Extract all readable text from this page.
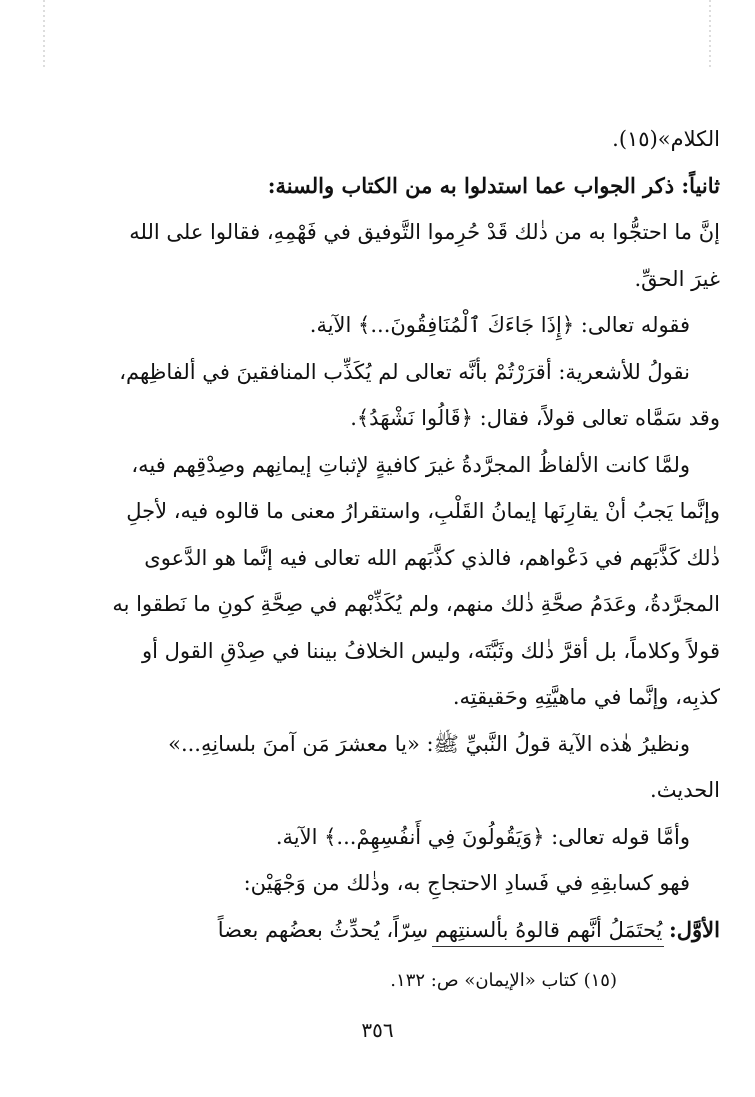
الكلام»(١٥).

ثانياً: ذكر الجواب عما استدلوا به من الكتاب والسنة:

إنَّ ما احتجُّوا به من ذٰلك قَدْ حُرِموا التَّوفيق في فَهْمِهِ، فقالوا على الله

غيرَ الحقِّ.

فقوله تعالى: ﴿إِذَا جَاءَكَ ٱلْمُنَافِقُونَ...﴾ الآية.

نقولُ للأشعرية: أقرَرْتُمْ بأنَّه تعالى لم يُكَذِّب المنافقينَ في ألفاظِهم،

وقد سَمَّاه تعالى قولاً، فقال: ﴿قَالُوا نَشْهَدُ﴾.

ولمَّا كانت الألفاظُ المجرَّدةُ غيرَ كافيةٍ لإثباتِ إيمانِهم وصِدْقِهم فيه،

وإنَّما يَجبُ أنْ يقارِنَها إيمانُ القَلْبِ، واستقرارُ معنى ما قالوه فيه، لأجلِ

ذٰلك كَذَّبَهم في دَعْواهم، فالذي كذَّبَهم الله تعالى فيه إنَّما هو الدَّعوى

المجرَّدةُ، وعَدَمُ صحَّةِ ذٰلك منهم، ولم يُكَذِّبْهم في صِحَّةِ كونِ ما نَطقوا به

قولاً وكلاماً، بل أقرَّ ذٰلك وثَبَّتَه، وليس الخلافُ بيننا في صِدْقِ القول أو

كذبِه، وإنَّما في ماهيَّتِهِ وحَقيقتِه.

ونظيرُ هٰذه الآية قولُ النَّبيِّ ﷺ: «يا معشرَ مَن آمنَ بلسانِهِ...»

الحديث.

وأمَّا قوله تعالى: ﴿وَيَقُولُونَ فِي أَنفُسِهِمْ...﴾ الآية.

فهو كسابقِهِ في فَسادِ الاحتجاجِ به، وذٰلك من وَجْهَيْن:

الأوَّل: يُحتَمَلُ أنَّهم قالوهُ بألسنتِهم سِرّاً، يُحدِّثُ بعضُهم بعضاً

(١٥) كتاب «الإيمان» ص: ١٣٢.
٣٥٦
